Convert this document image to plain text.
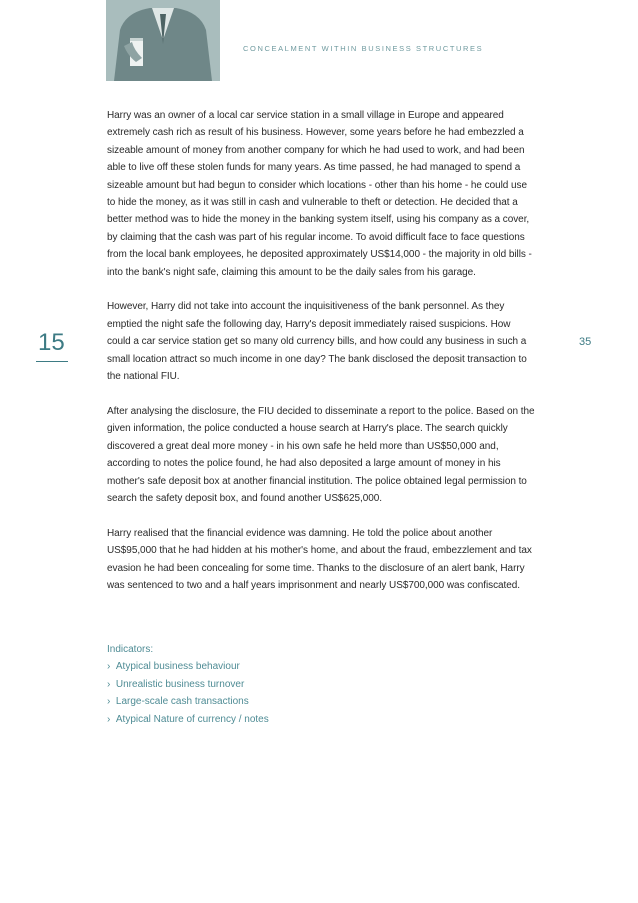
CONCEALMENT WITHIN BUSINESS STRUCTURES
15	35

Harry was an owner of a local car service station in a small village in Europe and appeared extremely cash rich as result of his business. However, some years before he had embezzled a sizeable amount of money from another company for which he had used to work, and had been able to live off these stolen funds for many years. As time passed, he had managed to spend a sizeable amount but had begun to consider which locations - other than his home - he could use to hide the money, as it was still in cash and vulnerable to theft or detection. He decided that a better method was to hide the money in the banking system itself, using his company as a cover, by claiming that the cash was part of his regular income. To avoid difficult face to face questions from the local bank employees, he deposited approximately US$14,000 - the majority in old bills - into the bank's night safe, claiming this amount to be the daily sales from his garage.

However, Harry did not take into account the inquisitiveness of the bank personnel. As they emptied the night safe the following day, Harry's deposit immediately raised suspicions. How could a car service station get so many old currency bills, and how could any business in such a small location attract so much income in one day? The bank disclosed the deposit transaction to the national FIU.

After analysing the disclosure, the FIU decided to disseminate a report to the police. Based on the given information, the police conducted a house search at Harry's place. The search quickly discovered a great deal more money - in his own safe he held more than US$50,000 and, according to notes the police found, he had also deposited a large amount of money in his mother's safe deposit box at another financial institution. The police obtained legal permission to search the safety deposit box, and found another US$625,000.

Harry realised that the financial evidence was damning. He told the police about another US$95,000 that he had hidden at his mother's home, and about the fraud, embezzlement and tax evasion he had been concealing for some time. Thanks to the disclosure of an alert bank, Harry was sentenced to two and a half years imprisonment and nearly US$700,000 was confiscated.

Indicators:
›  Atypical business behaviour
›  Unrealistic business turnover
›  Large-scale cash transactions
›  Atypical Nature of currency / notes
